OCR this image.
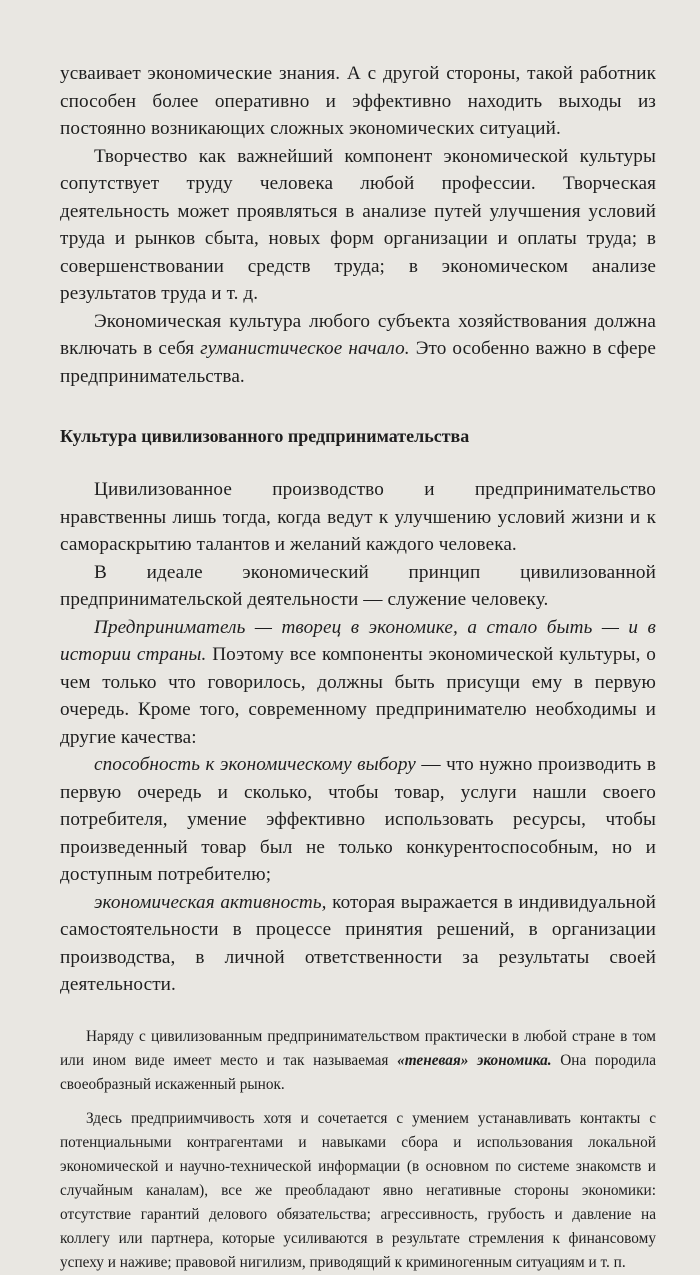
усваивает экономические знания. А с другой стороны, такой работник способен более оперативно и эффективно находить выходы из постоянно возникающих сложных экономических ситуаций.

Творчество как важнейший компонент экономической культуры сопутствует труду человека любой профессии. Творческая деятельность может проявляться в анализе путей улучшения условий труда и рынков сбыта, новых форм организации и оплаты труда; в совершенствовании средств труда; в экономическом анализе результатов труда и т. д.

Экономическая культура любого субъекта хозяйствования должна включать в себя гуманистическое начало. Это особенно важно в сфере предпринимательства.

Культура цивилизованного предпринимательства

Цивилизованное производство и предпринимательство нравственны лишь тогда, когда ведут к улучшению условий жизни и к самораскрытию талантов и желаний каждого человека.

В идеале экономический принцип цивилизованной предпринимательской деятельности — служение человеку.

Предприниматель — творец в экономике, а стало быть — и в истории страны. Поэтому все компоненты экономической культуры, о чем только что говорилось, должны быть присущи ему в первую очередь. Кроме того, современному предпринимателю необходимы и другие качества:

способность к экономическому выбору — что нужно производить в первую очередь и сколько, чтобы товар, услуги нашли своего потребителя, умение эффективно использовать ресурсы, чтобы произведенный товар был не только конкурентоспособным, но и доступным потребителю;

экономическая активность, которая выражается в индивидуальной самостоятельности в процессе принятия решений, в организации производства, в личной ответственности за результаты своей деятельности.

Наряду с цивилизованным предпринимательством практически в любой стране в том или ином виде имеет место и так называемая «теневая» экономика. Она породила своеобразный искаженный рынок.

Здесь предприимчивость хотя и сочетается с умением устанавливать контакты с потенциальными контрагентами и навыками сбора и использования локальной экономической и научно-технической информации (в основном по системе знакомств и случайным каналам), все же преобладают явно негативные стороны экономики: отсутствие гарантий делового обязательства; агрессивность, грубость и давление на коллегу или партнера, которые усиливаются в результате стремления к финансовому успеху и наживе; правовой нигилизм, приводящий к криминогенным ситуациям и т. п.
